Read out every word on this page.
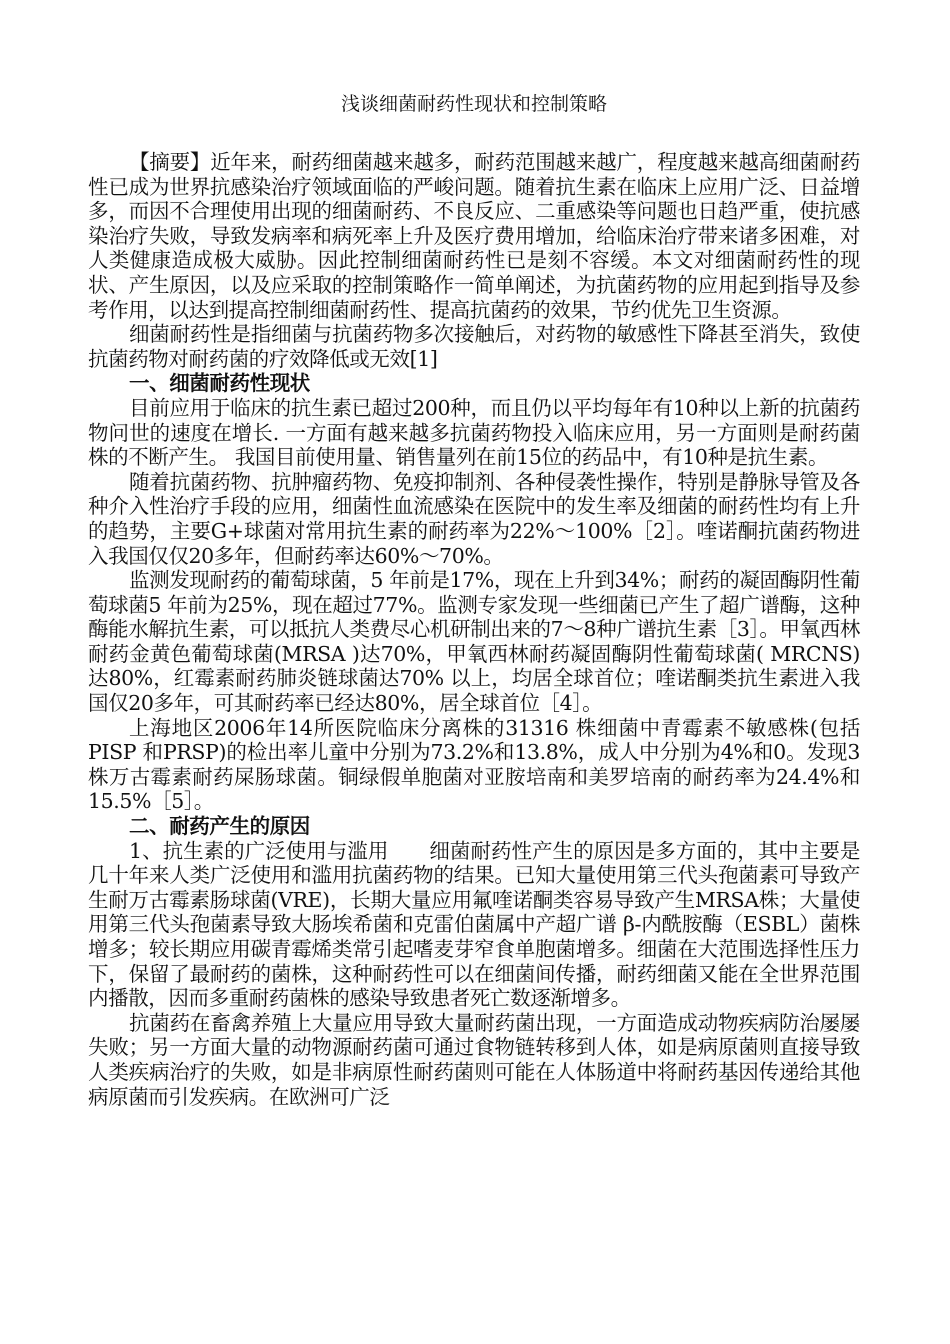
浅谈细菌耐药性现状和控制策略

【摘要】近年来，耐药细菌越来越多，耐药范围越来越广，程度越来越高细菌耐药性已成为世界抗感染治疗领域面临的严峻问题。随着抗生素在临床上应用广泛、日益增多，而因不合理使用出现的细菌耐药、不良反应、二重感染等问题也日趋严重，使抗感染治疗失败，导致发病率和病死率上升及医疗费用增加，给临床治疗带来诸多困难，对人类健康造成极大威胁。因此控制细菌耐药性已是刻不容缓。本文对细菌耐药性的现状、产生原因，以及应采取的控制策略作一简单阐述，为抗菌药物的应用起到指导及参考作用，以达到提高控制细菌耐药性、提高抗菌药的效果，节约优先卫生资源。

细菌耐药性是指细菌与抗菌药物多次接触后，对药物的敏感性下降甚至消失，致使抗菌药物对耐药菌的疗效降低或无效[1]

一、细菌耐药性现状

目前应用于临床的抗生素已超过200种，而且仍以平均每年有10种以上新的抗菌药物问世的速度在增长. 一方面有越来越多抗菌药物投入临床应用，另一方面则是耐药菌株的不断产生。 我国目前使用量、销售量列在前15位的药品中，有10种是抗生素。

随着抗菌药物、抗肿瘤药物、免疫抑制剂、各种侵袭性操作，特别是静脉导管及各种介入性治疗手段的应用，细菌性血流感染在医院中的发生率及细菌的耐药性均有上升的趋势，主要G+球菌对常用抗生素的耐药率为22%～100%［2］。喹诺酮抗菌药物进入我国仅仅20多年，但耐药率达60%～70%。

监测发现耐药的葡萄球菌，5 年前是17%，现在上升到34%；耐药的凝固酶阴性葡萄球菌5 年前为25%，现在超过77%。监测专家发现一些细菌已产生了超广谱酶，这种酶能水解抗生素，可以抵抗人类费尽心机研制出来的7～8种广谱抗生素［3］。甲氧西林耐药金黄色葡萄球菌(MRSA )达70%，甲氧西林耐药凝固酶阴性葡萄球菌( MRCNS)达80%，红霉素耐药肺炎链球菌达70% 以上，均居全球首位；喹诺酮类抗生素进入我国仅20多年，可其耐药率已经达80%，居全球首位［4］。

上海地区2006年14所医院临床分离株的31316 株细菌中青霉素不敏感株(包括PISP 和PRSP)的检出率儿童中分别为73.2%和13.8%，成人中分别为4%和0。发现3株万古霉素耐药屎肠球菌。铜绿假单胞菌对亚胺培南和美罗培南的耐药率为24.4%和15.5%［5］。

二、耐药产生的原因

1、抗生素的广泛使用与滥用　　细菌耐药性产生的原因是多方面的，其中主要是几十年来人类广泛使用和滥用抗菌药物的结果。已知大量使用第三代头孢菌素可导致产生耐万古霉素肠球菌(VRE)，长期大量应用氟喹诺酮类容易导致产生MRSA株；大量使用第三代头孢菌素导致大肠埃希菌和克雷伯菌属中产超广谱 β-内酰胺酶（ESBL）菌株增多；较长期应用碳青霉烯类常引起嗜麦芽窄食单胞菌增多。细菌在大范围选择性压力下，保留了最耐药的菌株，这种耐药性可以在细菌间传播，耐药细菌又能在全世界范围内播散，因而多重耐药菌株的感染导致患者死亡数逐渐增多。

抗菌药在畜禽养殖上大量应用导致大量耐药菌出现，一方面造成动物疾病防治屡屡失败；另一方面大量的动物源耐药菌可通过食物链转移到人体，如是病原菌则直接导致人类疾病治疗的失败，如是非病原性耐药菌则可能在人体肠道中将耐药基因传递给其他病原菌而引发疾病。在欧洲可广泛
